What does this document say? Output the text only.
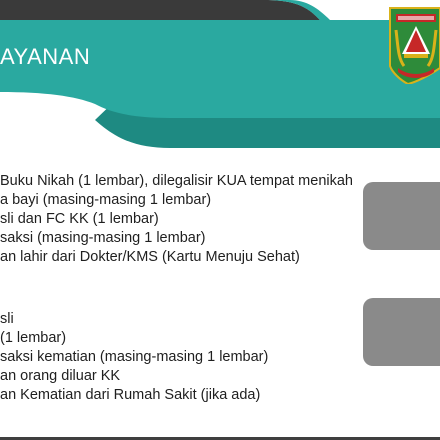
AYANAN
Buku Nikah (1 lembar), dilegalisir KUA tempat menikah
a bayi (masing-masing 1 lembar)
sli dan FC KK (1 lembar)
saksi (masing-masing 1 lembar)
an lahir dari Dokter/KMS (Kartu Menuju Sehat)
sli
(1 lembar)
saksi kematian (masing-masing 1 lembar)
an orang diluar KK
an Kematian dari Rumah Sakit (jika ada)
